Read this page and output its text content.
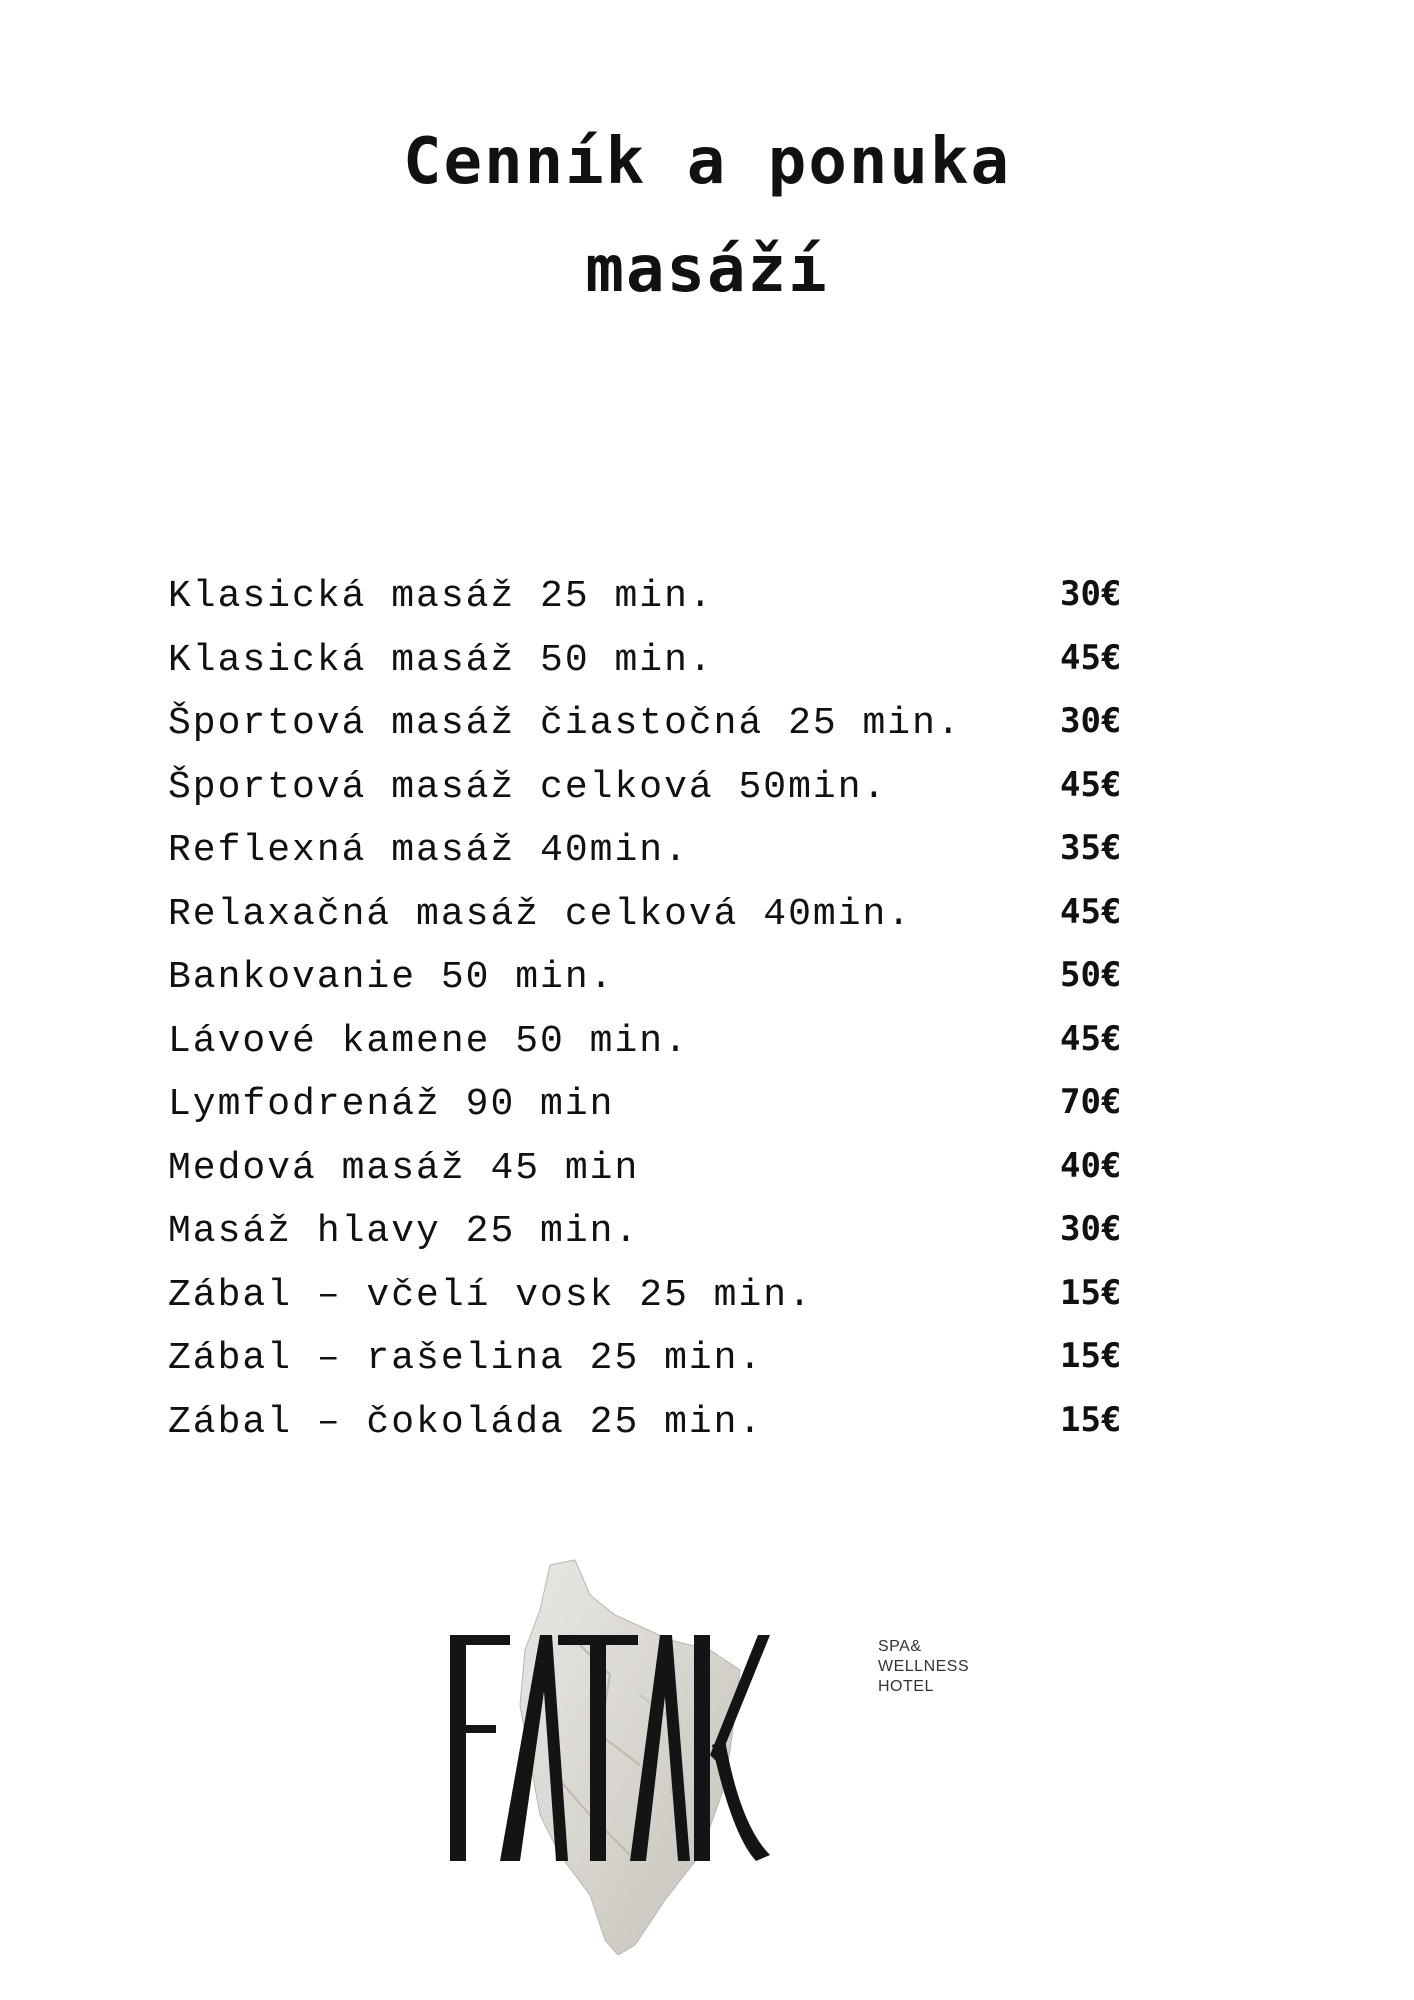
Cenník a ponuka
masáží
Klasická masáž 25 min.	30€
Klasická masáž 50 min.	45€
Športová masáž čiastočná 25 min.	30€
Športová masáž celková 50min.	45€
Reflexná masáž 40min.	35€
Relaxačná masáž celková 40min.	45€
Bankovanie 50 min.	50€
Lávové kamene 50 min.	45€
Lymfodrenáž 90 min	70€
Medová masáž 45 min	40€
Masáž hlavy 25 min.	30€
Zábal – včelí vosk 25 min.	15€
Zábal – rašelina 25 min.	15€
Zábal – čokoláda 25 min.	15€
SPA&
WELLNESS
HOTEL
